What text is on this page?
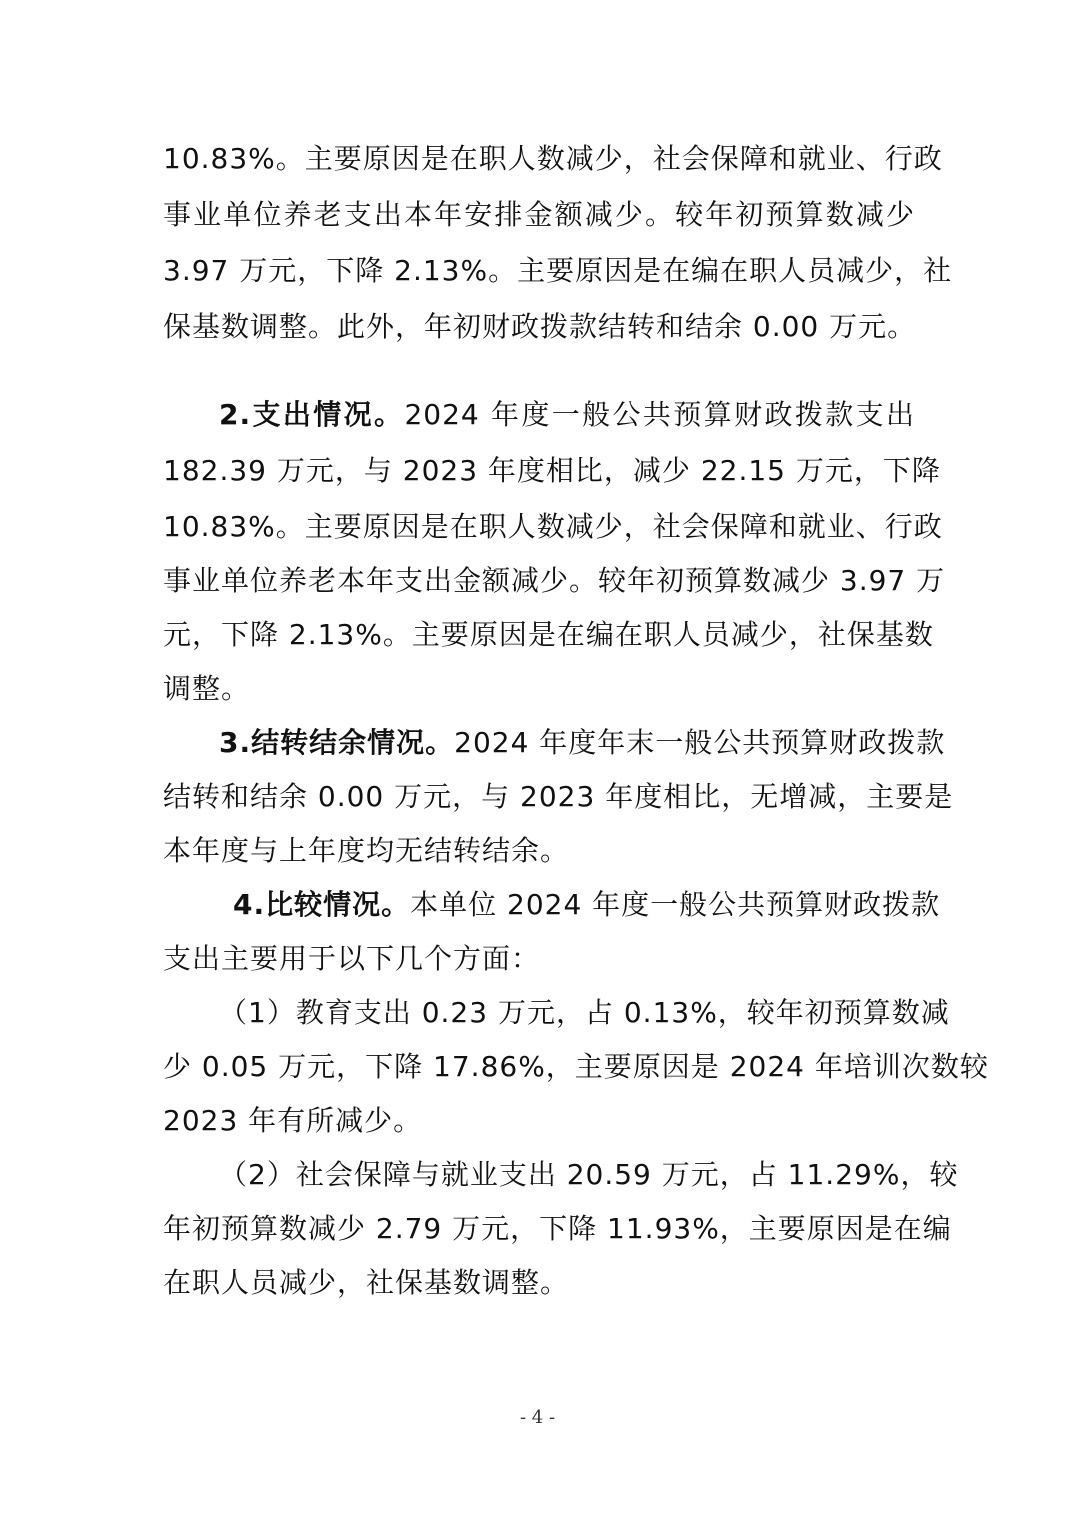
10.83%。主要原因是在职人数减少，社会保障和就业、行政
事业单位养老支出本年安排金额减少。较年初预算数减少
3.97 万元，下降 2.13%。主要原因是在编在职人员减少，社
保基数调整。此外，年初财政拨款结转和结余 0.00 万元。
2.支出情况。2024 年度一般公共预算财政拨款支出
182.39 万元，与 2023 年度相比，减少 22.15 万元，下降
10.83%。主要原因是在职人数减少，社会保障和就业、行政
事业单位养老本年支出金额减少。较年初预算数减少 3.97 万
元，下降 2.13%。主要原因是在编在职人员减少，社保基数
调整。
3.结转结余情况。2024 年度年末一般公共预算财政拨款
结转和结余 0.00 万元，与 2023 年度相比，无增减，主要是
本年度与上年度均无结转结余。
4.比较情况。本单位 2024 年度一般公共预算财政拨款
支出主要用于以下几个方面：
（1）教育支出 0.23 万元，占 0.13%，较年初预算数减
少 0.05 万元，下降 17.86%，主要原因是 2024 年培训次数较
2023 年有所减少。
（2）社会保障与就业支出 20.59 万元，占 11.29%，较
年初预算数减少 2.79 万元，下降 11.93%，主要原因是在编
在职人员减少，社保基数调整。
- 4 -
